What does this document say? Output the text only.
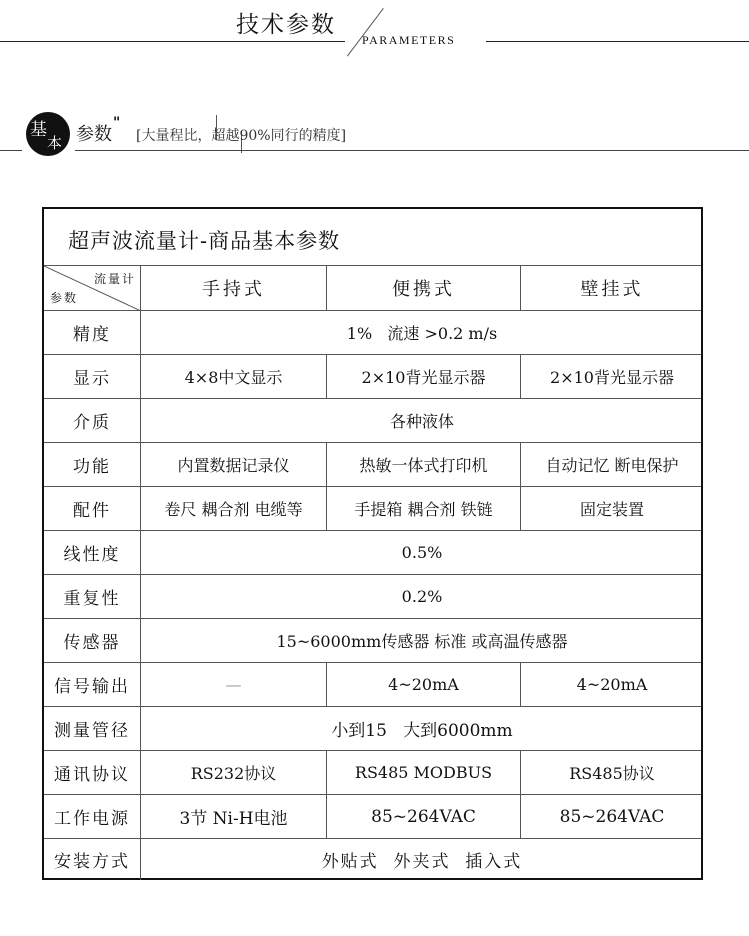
技术参数
PARAMETERS
基
本 参数
"
[大量程比，超越90%同行的精度]
超声波流量计-商品基本参数
流量计
参数	手持式	便携式	壁挂式
精度	1%   流速 >0.2 m/s
显示	4×8中文显示	2×10背光显示器	2×10背光显示器
介质	各种液体
功能	内置数据记录仪	热敏一体式打印机	自动记忆 断电保护
配件	卷尺 耦合剂 电缆等	手提箱 耦合剂 铁链	固定装置
线性度	0.5%
重复性	0.2%
传感器	15~6000mm传感器 标准 或高温传感器
信号输出	—	4~20mA	4~20mA
测量管径	小到15   大到6000mm
通讯协议	RS232协议	RS485 MODBUS	RS485协议
工作电源	3节 Ni-H电池	85~264VAC	85~264VAC
安装方式	外贴式  外夹式  插入式
